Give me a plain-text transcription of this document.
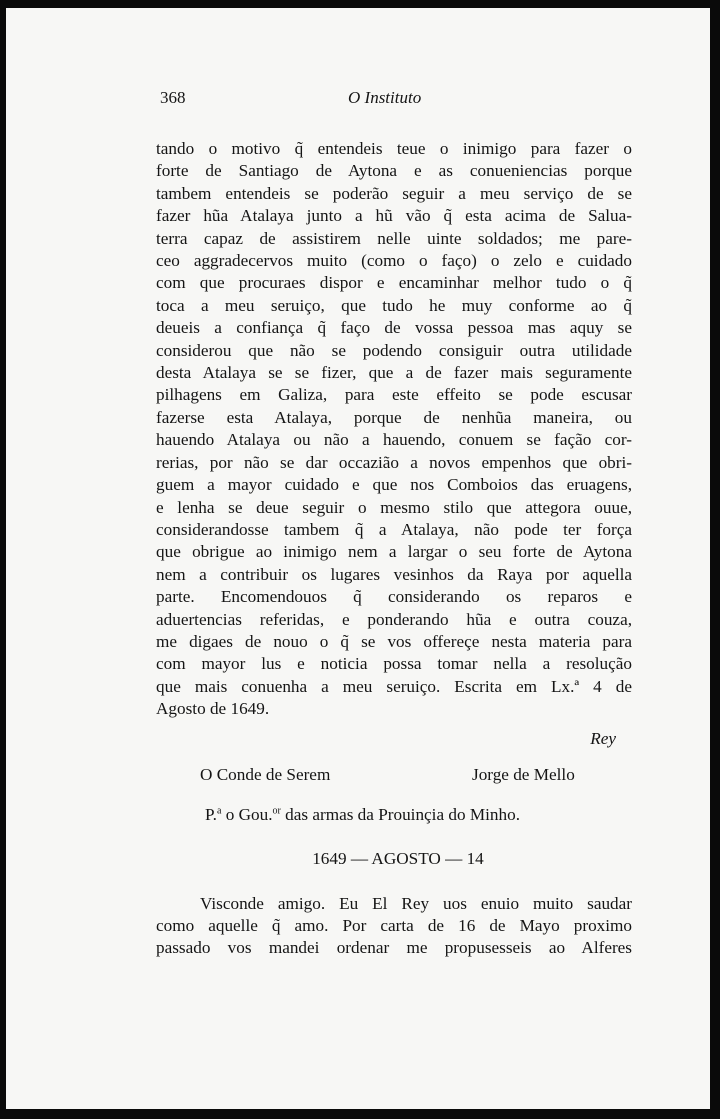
368	O Instituto
tando o motivo q̃ entendeis teue o inimigo para fazer o
forte de Santiago de Aytona e as conueniencias porque
tambem entendeis se poderão seguir a meu serviço de se
fazer hũa Atalaya junto a hũ vão q̃ esta acima de Salua-
terra capaz de assistirem nelle uinte soldados; me pare-
ceo aggradecervos muito (como o faço) o zelo e cuidado
com que procuraes dispor e encaminhar melhor tudo o q̃
toca a meu seruiço, que tudo he muy conforme ao q̃
deueis a confiança q̃ faço de vossa pessoa mas aquy se
considerou que não se podendo consiguir outra utilidade
desta Atalaya se se fizer, que a de fazer mais seguramente
pilhagens em Galiza, para este effeito se pode escusar
fazerse esta Atalaya, porque de nenhũa maneira, ou
hauendo Atalaya ou não a hauendo, conuem se fação cor-
rerias, por não se dar occazião a novos empenhos que obri-
guem a mayor cuidado e que nos Comboios das eruagens,
e lenha se deue seguir o mesmo stilo que attegora ouue,
considerandosse tambem q̃ a Atalaya, não pode ter força
que obrigue ao inimigo nem a largar o seu forte de Aytona
nem a contribuir os lugares vesinhos da Raya por aquella
parte. Encomendouos q̃ considerando os reparos e
aduertencias referidas, e ponderando hũa e outra couza,
me digaes de nouo o q̃ se vos offereçe nesta materia para
com mayor lus e noticia possa tomar nella a resolução
que mais conuenha a meu seruiço. Escrita em Lx.ª 4 de
Agosto de 1649.
Rey
O Conde de Serem	Jorge de Mello
P.$^a$ o Gou.$^{or}$ das armas da Prouinçia do Minho.
1649 — AGOSTO — 14
Visconde amigo. Eu El Rey uos enuio muito saudar
como aquelle q̃ amo. Por carta de 16 de Mayo proximo
passado vos mandei ordenar me propusesseis ao Alferes
